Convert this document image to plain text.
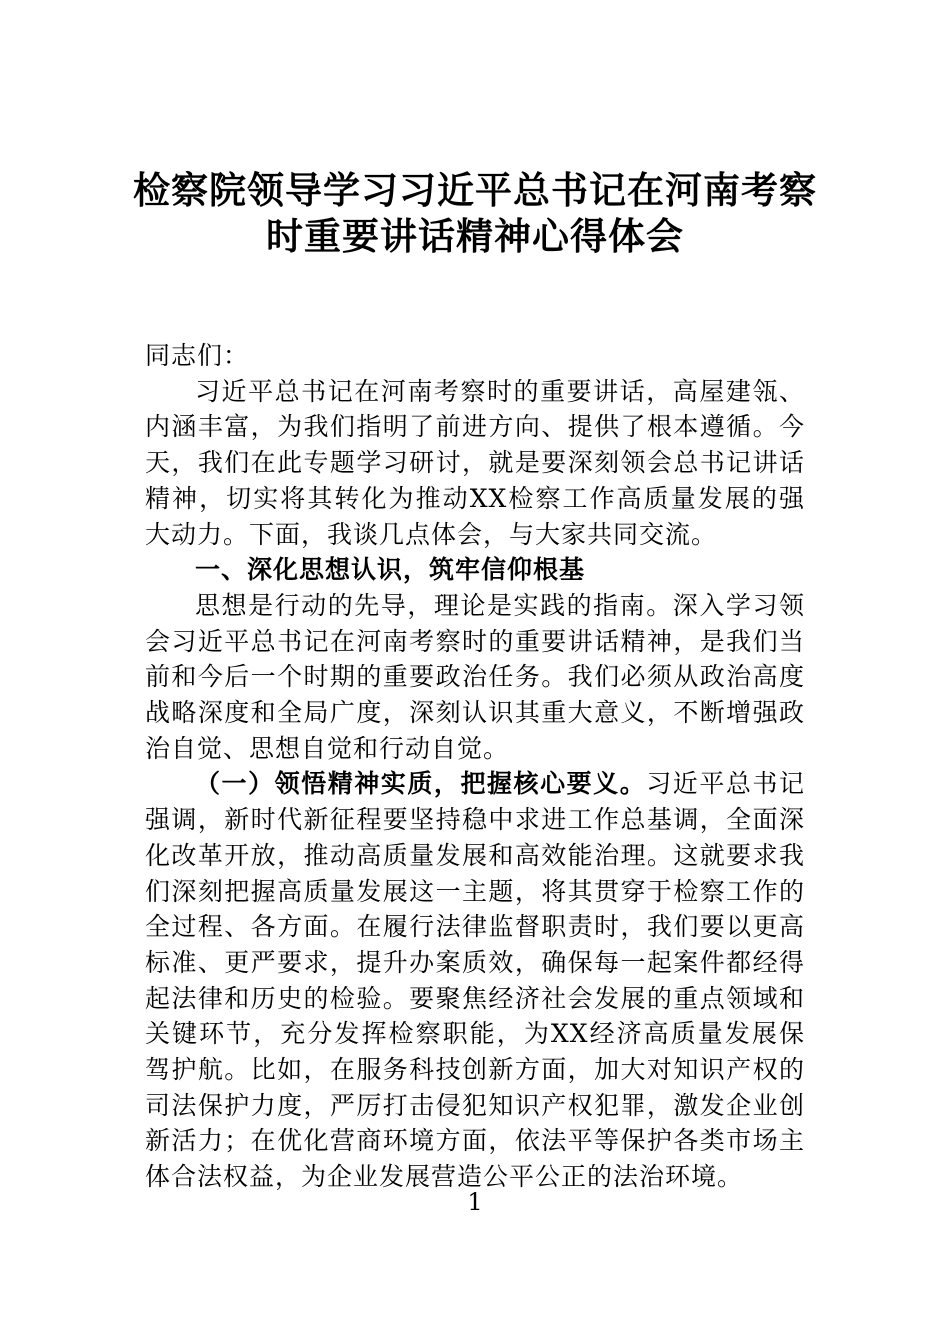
检察院领导学习习近平总书记在河南考察
时重要讲话精神心得体会

同志们：

习近平总书记在河南考察时的重要讲话，高屋建瓴、内涵丰富，为我们指明了前进方向、提供了根本遵循。今天，我们在此专题学习研讨，就是要深刻领会总书记讲话精神，切实将其转化为推动XX检察工作高质量发展的强大动力。下面，我谈几点体会，与大家共同交流。

一、深化思想认识，筑牢信仰根基

思想是行动的先导，理论是实践的指南。深入学习领会习近平总书记在河南考察时的重要讲话精神，是我们当前和今后一个时期的重要政治任务。我们必须从政治高度战略深度和全局广度，深刻认识其重大意义，不断增强政治自觉、思想自觉和行动自觉。

（一）领悟精神实质，把握核心要义。习近平总书记强调，新时代新征程要坚持稳中求进工作总基调，全面深化改革开放，推动高质量发展和高效能治理。这就要求我们深刻把握高质量发展这一主题，将其贯穿于检察工作的全过程、各方面。在履行法律监督职责时，我们要以更高标准、更严要求，提升办案质效，确保每一起案件都经得起法律和历史的检验。要聚焦经济社会发展的重点领域和关键环节，充分发挥检察职能，为XX经济高质量发展保驾护航。比如，在服务科技创新方面，加大对知识产权的司法保护力度，严厉打击侵犯知识产权犯罪，激发企业创新活力；在优化营商环境方面，依法平等保护各类市场主体合法权益，为企业发展营造公平公正的法治环境。

1
